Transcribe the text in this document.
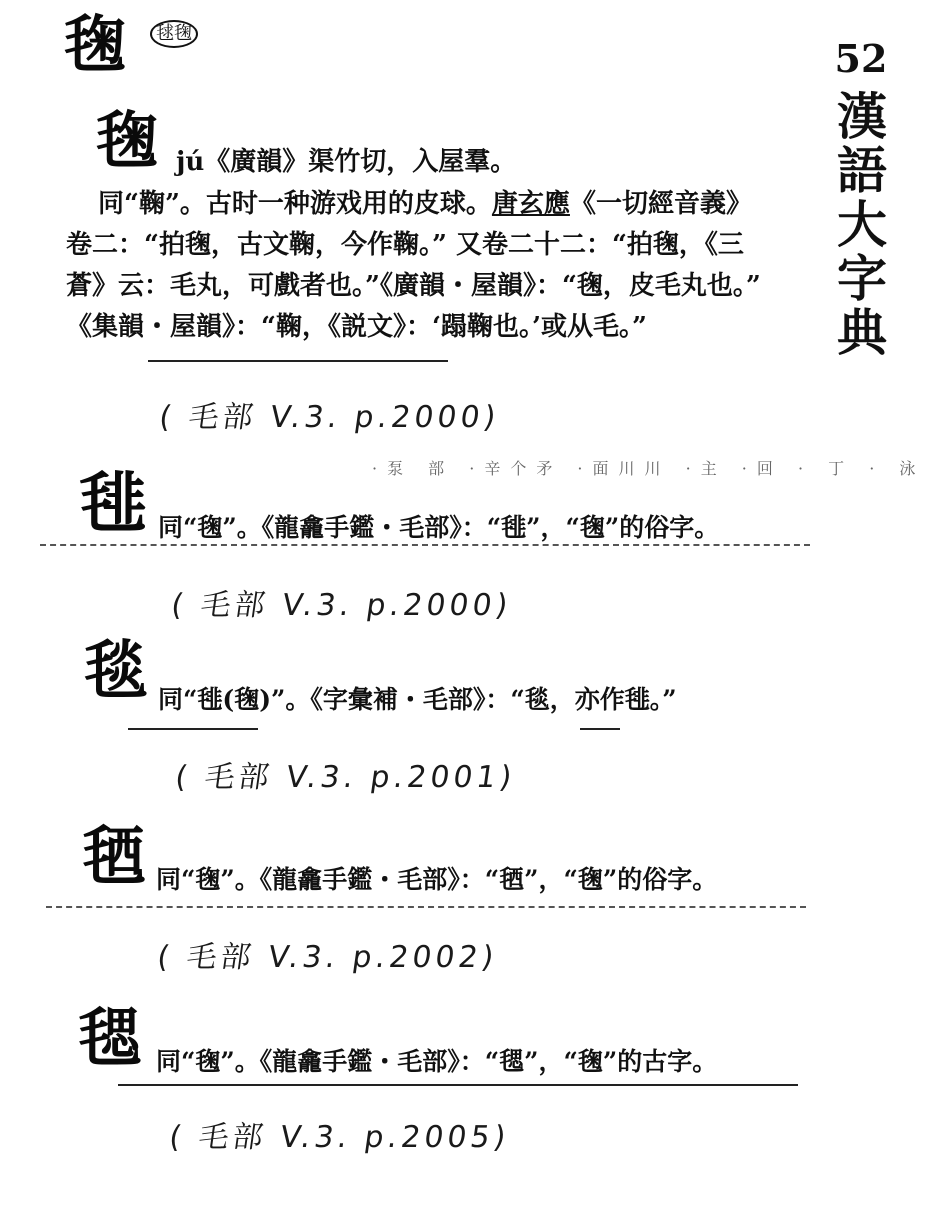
52
漢
語
大
字
典
毱	毬毱
毱 jú《廣韻》渠竹切，入屋羣。
同“鞠”。古时一种游戏用的皮球。唐玄應《一切經音義》
卷二：“拍毱，古文鞠，今作鞠。” 又卷二十二：“拍毱，《三
蒼》云：毛丸，可戲者也。”《廣韻・屋韻》：“毱，皮毛丸也。”
《集韻・屋韻》：“鞠，《説文》：‘蹋鞠也。’或从毛。”
( 毛部 V.3. p.2000)
·泵 部 ·辛个矛 ·面川川 ·主 ·回 · 丁 · 泳
毴 同“毱”。《龍龕手鑑・毛部》：“毴”，“毱”的俗字。
( 毛部 V.3. p.2000)
毯 同“毴(毱)”。《字彙補・毛部》：“毯，亦作毴。”
( 毛部 V.3. p.2001)
毢 同“毱”。《龍龕手鑑・毛部》：“毢”，“毱”的俗字。
( 毛部 V.3. p.2002)
毸 同“毱”。《龍龕手鑑・毛部》：“毸”，“毱”的古字。
( 毛部 V.3. p.2005)
